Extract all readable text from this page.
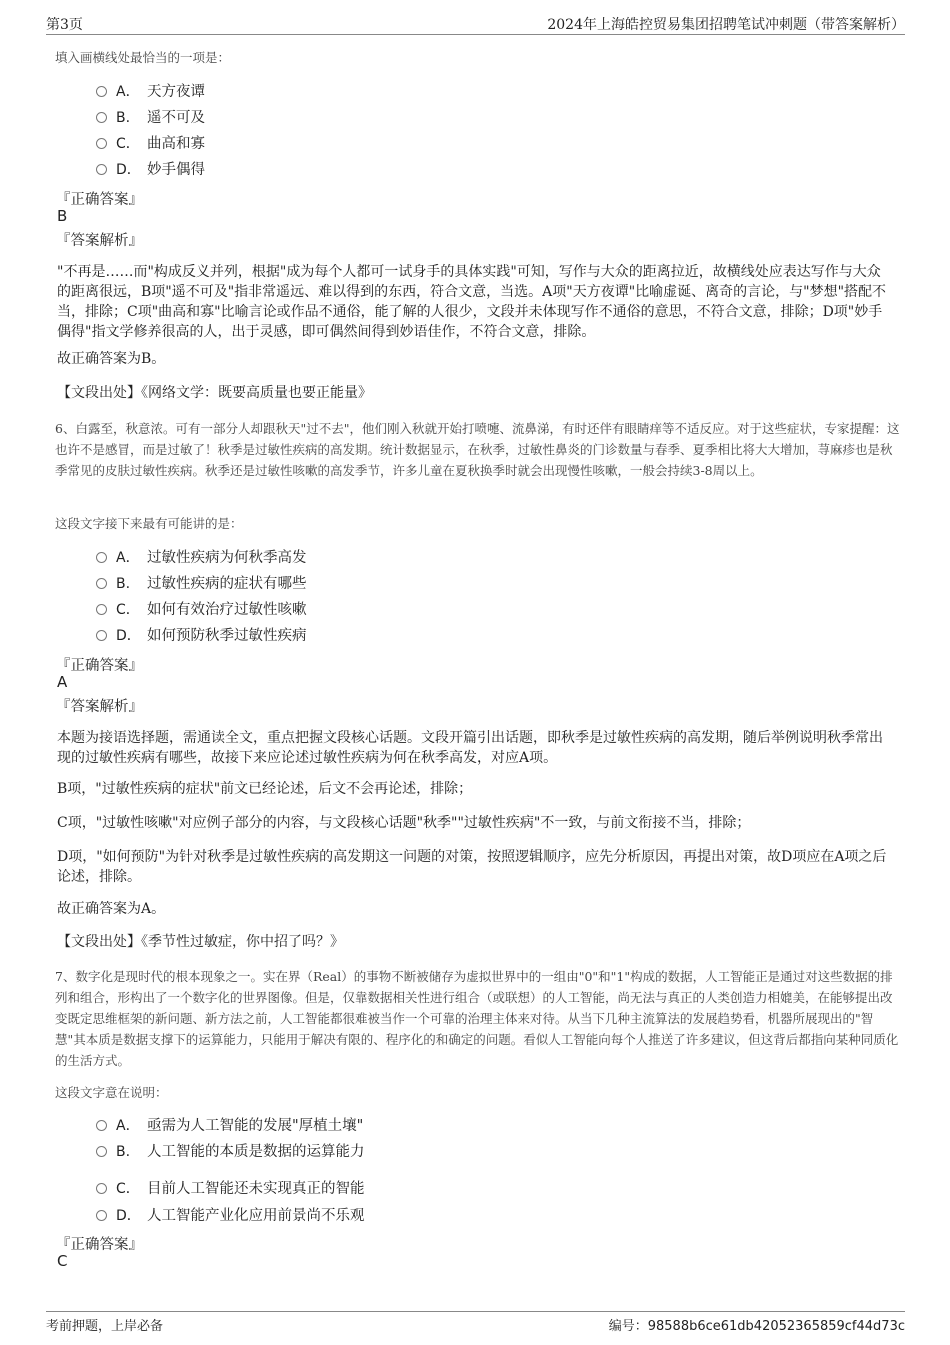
第3页	2024年上海皓控贸易集团招聘笔试冲刺题（带答案解析）
填入画横线处最恰当的一项是：
A． 天方夜谭
B. 遥不可及
C． 曲高和寡
D． 妙手偶得
『正确答案』
B
『答案解析』
"不再是……而"构成反义并列，根据"成为每个人都可一试身手的具体实践"可知，写作与大众的距离拉近，故横线处应表达写作与大众的距离很远，B项"遥不可及"指非常遥远、难以得到的东西，符合文意，当选。A项"天方夜谭"比喻虚诞、离奇的言论，与"梦想"搭配不当，排除；C项"曲高和寡"比喻言论或作品不通俗，能了解的人很少，文段并未体现写作不通俗的意思，不符合文意，排除；D项"妙手偶得"指文学修养很高的人，出于灵感，即可偶然间得到妙语佳作，不符合文意，排除。
故正确答案为B。
【文段出处】《网络文学：既要高质量也要正能量》
6、白露至，秋意浓。可有一部分人却跟秋天"过不去"，他们刚入秋就开始打喷嚏、流鼻涕，有时还伴有眼睛痒等不适反应。对于这些症状，专家提醒：这也许不是感冒，而是过敏了！秋季是过敏性疾病的高发期。统计数据显示，在秋季，过敏性鼻炎的门诊数量与春季、夏季相比将大大增加，荨麻疹也是秋季常见的皮肤过敏性疾病。秋季还是过敏性咳嗽的高发季节，许多儿童在夏秋换季时就会出现慢性咳嗽，一般会持续3-8周以上。
这段文字接下来最有可能讲的是：
A． 过敏性疾病为何秋季高发
B. 过敏性疾病的症状有哪些
C． 如何有效治疗过敏性咳嗽
D． 如何预防秋季过敏性疾病
『正确答案』
A
『答案解析』
本题为接语选择题，需通读全文，重点把握文段核心话题。文段开篇引出话题，即秋季是过敏性疾病的高发期，随后举例说明秋季常出现的过敏性疾病有哪些，故接下来应论述过敏性疾病为何在秋季高发，对应A项。
B项，"过敏性疾病的症状"前文已经论述，后文不会再论述，排除；
C项，"过敏性咳嗽"对应例子部分的内容，与文段核心话题"秋季""过敏性疾病"不一致，与前文衔接不当，排除；
D项，"如何预防"为针对秋季是过敏性疾病的高发期这一问题的对策，按照逻辑顺序，应先分析原因，再提出对策，故D项应在A项之后论述，排除。
故正确答案为A。
【文段出处】《季节性过敏症，你中招了吗？》
7、数字化是现时代的根本现象之一。实在界（Real）的事物不断被储存为虚拟世界中的一组由"0"和"1"构成的数据，人工智能正是通过对这些数据的排列和组合，形构出了一个数字化的世界图像。但是，仅靠数据相关性进行组合（或联想）的人工智能，尚无法与真正的人类创造力相媲美，在能够提出改变既定思维框架的新问题、新方法之前，人工智能都很难被当作一个可靠的治理主体来对待。从当下几种主流算法的发展趋势看，机器所展现出的"智慧"其本质是数据支撑下的运算能力，只能用于解决有限的、程序化的和确定的问题。看似人工智能向每个人推送了许多建议，但这背后都指向某种同质化的生活方式。
这段文字意在说明：
A． 亟需为人工智能的发展"厚植土壤"
B. 人工智能的本质是数据的运算能力
C． 目前人工智能还未实现真正的智能
D． 人工智能产业化应用前景尚不乐观
『正确答案』
C
考前押题，上岸必备	编号：98588b6ce61db42052365859cf44d73c
